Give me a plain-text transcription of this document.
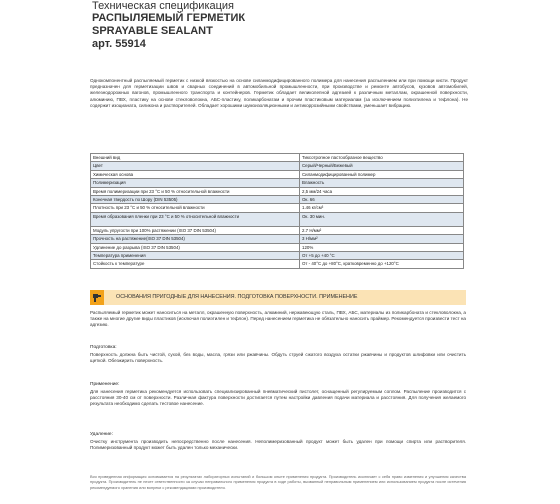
Техническая спецификация
РАСПЫЛЯЕМЫЙ ГЕРМЕТИК
SPRAYABLE SEALANT
арт. 55914
Однокомпонентный распыляемый герметик с низкой вязкостью на основе силанмодифицированного полимера для нанесения распылением или при помощи кисти. Продукт предназначен для герметизации швов и сварных соединений в автомобильной промышленности, при производстве и ремонте автобусов, кузовов автомобилей, железнодорожных вагонов, промышленного транспорта и контейнеров. Герметик обладает великолепной адгезией к различным металлам, окрашенной поверхности, алюминию, ПВХ, пластику на основе стекловолокна, АБС-пластику, поликарбонатам и прочим пластиковым материалам (за исключением полиэтилена и тефлона). Не содержит изоцианата, силикона и растворителей. Обладает хорошими шумоизоляционными и антикоррозийными свойствами, уменьшает вибрацию.
Внешний вид	Тиксотропное пастообразное вещество
Цвет	Серый/Черный/Бежевый
Химическая основа	Силанмодифицированный полимер
Полимеризация	Влажность
Время полимеризации при 23 °C и 50 % относительной влажности	2,5 мм/24 часа
Конечная твердость по Шору (DIN 53505)	Ок. 66
Плотность при 23 °C и 50 % относительной влажности	1.46 кг/см³
Время образования пленки при 23 °C и 50 % относительной влажности	Ок. 30 мин.
Модуль упругости при 100% растяжении (ISO 37 DIN 53504)	2.7 Н/мм²
Прочность на растяжение(ISO 37 DIN 53504)	3 Н/мм²
Удлинение до разрыва (ISO 37 DIN 53504)	120%
Температура применения	От +5 до +40 °C
Стойкость к температуре	От - 40°C до +80°C, кратковременно до +120°C
ОСНОВАНИЯ ПРИГОДНЫЕ ДЛЯ НАНЕСЕНИЯ. ПОДГОТОВКА ПОВЕРХНОСТИ. ПРИМЕНЕНИЕ
Распыляемый герметик может наноситься на металл, окрашенную поверхность, алюминий, нержавеющую сталь, ПВХ, АБС, материалы из поликарбоната и стекловолокна, а также на многие другие виды пластиков (исключая полиэтилен и тефлон). Перед нанесением герметика не обязательно наносить праймер. Рекомендуется произвести тест на адгезию.
Подготовка:
Поверхность должна быть чистой, сухой, без воды, масла, грязи или ржавчины. Обдуть струей сжатого воздуха остатки ржавчины и продуктов шлифовки или очистить щеткой. Обезжирить поверхность.
Применение:
Для нанесения герметика рекомендуется использовать специализированный пневматический пистолет, оснащенный регулируемым соплом. Распыление производится с расстояния 30-40 см от поверхности. Различная фактура поверхности достигается путем настройки давления подачи материала и расстояния. Для получения желаемого результата необходимо сделать тестовое нанесение.
Удаление:
Очистку инструмента производить непосредственно после нанесения. Неполимеризованный продукт может быть удален при помощи спирта или растворителя. Полимеризованный продукт может быть удален только механически.
Вся приведенная информация основывается на результатах лабораторных испытаний и большом опыте применения продукта. Производитель исключает с себя право изменения и улучшения качества продукта. Производитель не несет ответственности за случаи неправильного применения продукта в ходе работы, вызванный неправильным применением или использованием продукта после истечения рекомендуемого хранения или вопреки с рекомендациями производителя.
